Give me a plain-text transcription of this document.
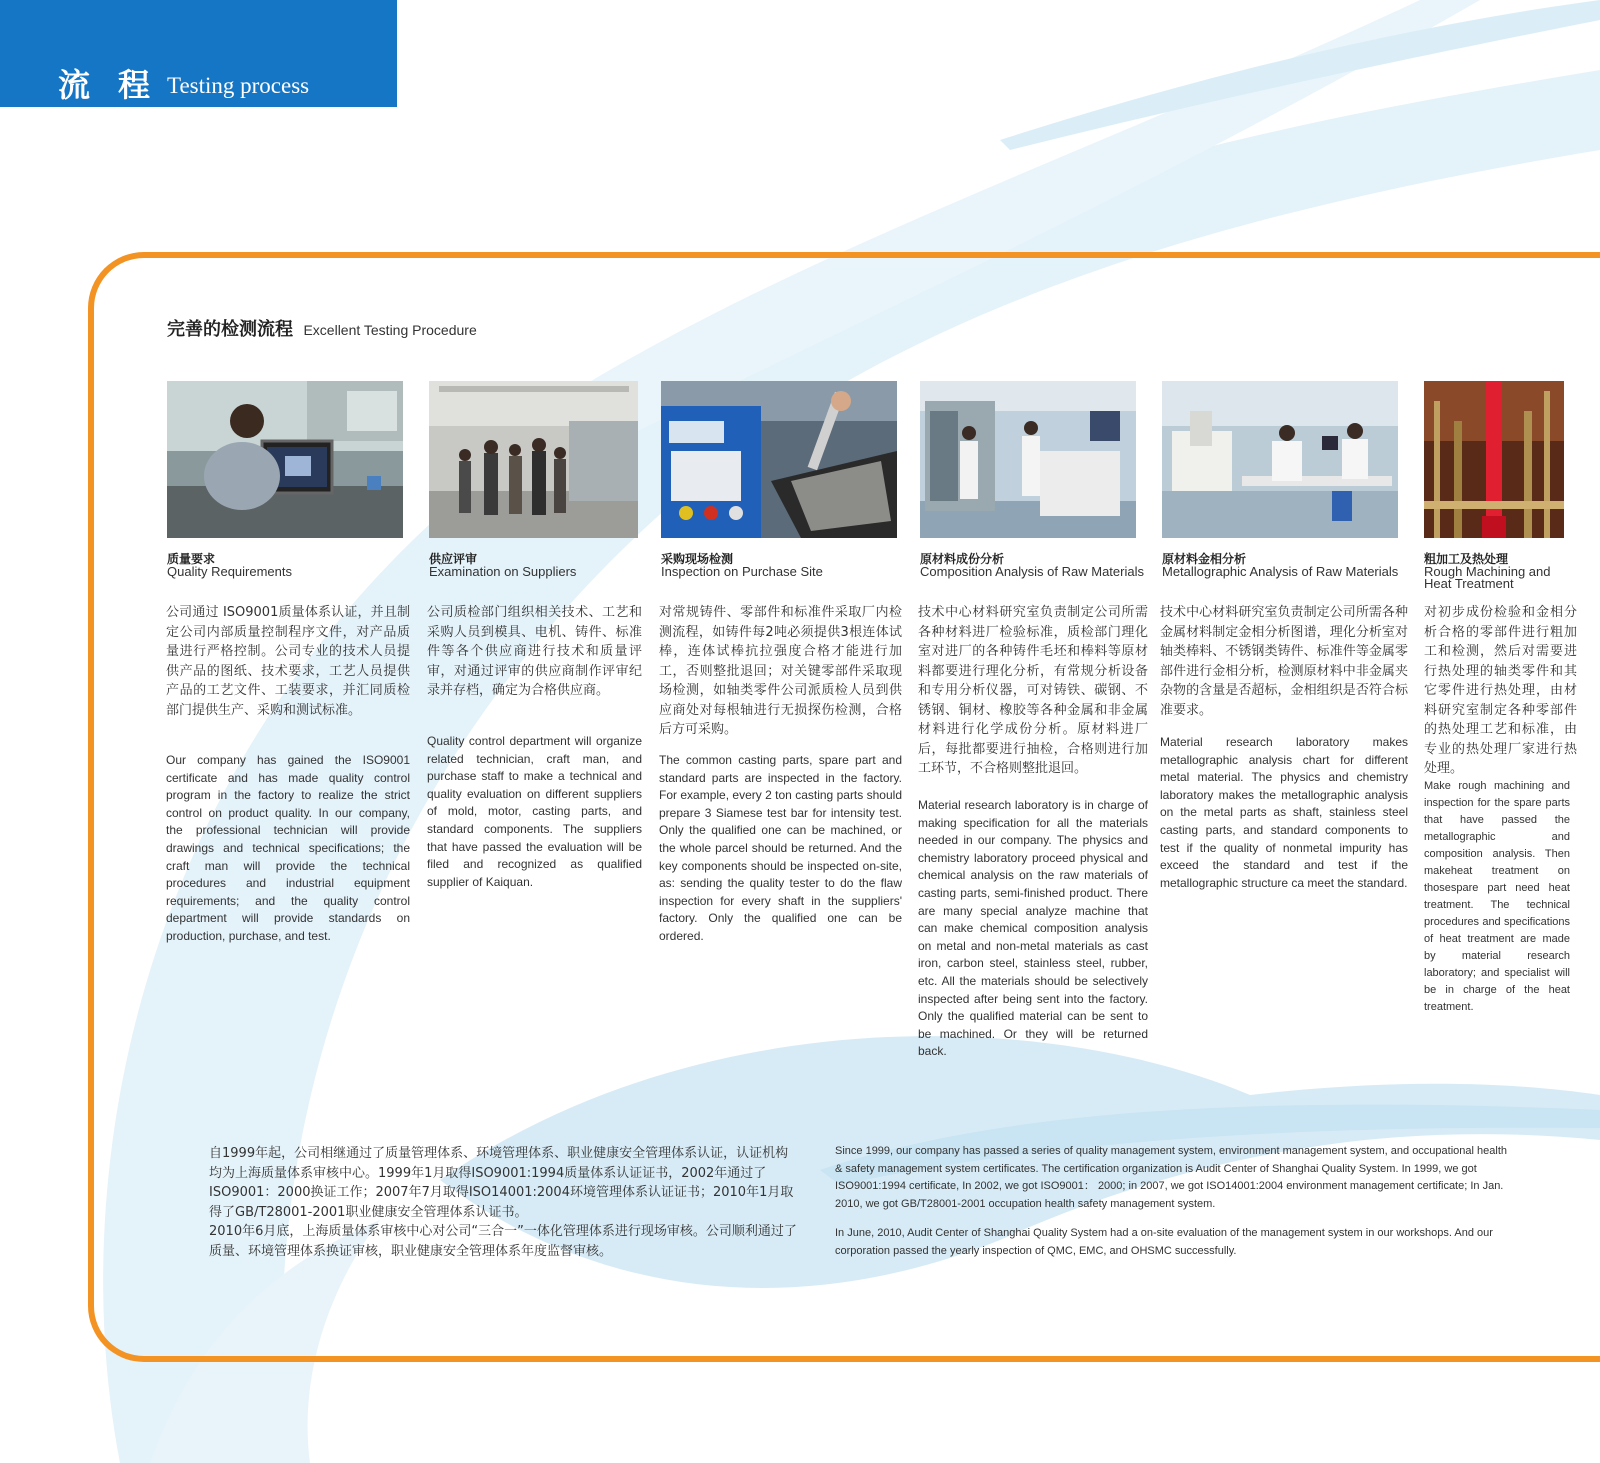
流程
Testing process
完善的检测流程 Excellent Testing Procedure
质量要求
Quality Requirements
公司通过 ISO9001质量体系认证，并且制定公司内部质量控制程序文件，对产品质量进行严格控制。公司专业的技术人员提供产品的图纸、技术要求，工艺人员提供产品的工艺文件、工装要求，并汇同质检部门提供生产、采购和测试标准。
Our company has gained the ISO9001 certificate and has made quality control program in the factory to realize the strict control on product quality. In our company, the professional technician will provide drawings and technical specifications; the craft man will provide the technical procedures and industrial equipment requirements; and the quality control department will provide standards on production, purchase, and test.
供应评审
Examination on Suppliers
公司质检部门组织相关技术、工艺和采购人员到模具、电机、铸件、标准件等各个供应商进行技术和质量评审，对通过评审的供应商制作评审纪录并存档，确定为合格供应商。
Quality control department will organize related technician, craft man, and purchase staff to make a technical and quality evaluation on different suppliers of mold, motor, casting parts, and standard components. The suppliers that have passed the evaluation will be filed and recognized as qualified supplier of Kaiquan.
采购现场检测
Inspection on Purchase Site
对常规铸件、零部件和标准件采取厂内检测流程，如铸件每2吨必须提供3根连体试棒，连体试棒抗拉强度合格才能进行加工，否则整批退回；对关键零部件采取现场检测，如轴类零件公司派质检人员到供应商处对每根轴进行无损探伤检测，合格后方可采购。
The common casting parts, spare part and standard parts are inspected in the factory. For example, every 2 ton casting parts should prepare 3 Siamese test bar for intensity test. Only the qualified one can be machined, or the whole parcel should be returned. And the key components should be inspected on-site, as: sending the quality tester to do the flaw inspection for every shaft in the suppliers' factory. Only the qualified one can be ordered.
原材料成份分析
Composition Analysis of Raw Materials
技术中心材料研究室负责制定公司所需各种材料进厂检验标准，质检部门理化室对进厂的各种铸件毛坯和棒料等原材料都要进行理化分析，有常规分析设备和专用分析仪器，可对铸铁、碳钢、不锈钢、铜材、橡胶等各种金属和非金属材料进行化学成份分析。原材料进厂后，每批都要进行抽检，合格则进行加工环节，不合格则整批退回。
Material research laboratory is in charge of making specification for all the materials needed in our company. The physics and chemistry laboratory proceed physical and chemical analysis on the raw materials of casting parts, semi-finished product. There are many special analyze machine that can make chemical composition analysis on metal and non-metal materials as cast iron, carbon steel, stainless steel, rubber, etc. All the materials should be selectively inspected after being sent into the factory. Only the qualified material can be sent to be machined. Or they will be returned back.
原材料金相分析
Metallographic Analysis of Raw Materials
技术中心材料研究室负责制定公司所需各种金属材料制定金相分析图谱，理化分析室对轴类棒料、不锈钢类铸件、标准件等金属零部件进行金相分析，检测原材料中非金属夹杂物的含量是否超标，金相组织是否符合标准要求。
Material research laboratory makes metallographic analysis chart for different metal material. The physics and chemistry laboratory makes the metallographic analysis on the metal parts as shaft, stainless steel casting parts, and standard components to test if the quality of nonmetal impurity has exceed the standard and test if the metallographic structure ca meet the standard.
粗加工及热处理
Rough Machining and Heat Treatment
对初步成份检验和金相分析合格的零部件进行粗加工和检测，然后对需要进行热处理的轴类零件和其它零件进行热处理，由材料研究室制定各种零部件的热处理工艺和标准，由专业的热处理厂家进行热处理。
Make rough machining and inspection for the spare parts that have passed the metallographic and composition analysis. Then makeheat treatment on thosespare part need heat treatment. The technical procedures and specifications of heat treatment are made by material research laboratory; and specialist will be in charge of the heat treatment.
自1999年起，公司相继通过了质量管理体系、环境管理体系、职业健康安全管理体系认证，认证机构均为上海质量体系审核中心。1999年1月取得ISO9001:1994质量体系认证证书，2002年通过了ISO9001：2000换证工作；2007年7月取得ISO14001:2004环境管理体系认证证书；2010年1月取得了GB/T28001-2001职业健康安全管理体系认证书。
2010年6月底，上海质量体系审核中心对公司“三合一”一体化管理体系进行现场审核。公司顺利通过了质量、环境管理体系换证审核，职业健康安全管理体系年度监督审核。

Since 1999, our company has passed a series of quality management system, environment management system, and occupational health & safety management system certificates. The certification organization is Audit Center of Shanghai Quality System. In 1999, we got ISO9001:1994 certificate, In 2002, we got ISO9001： 2000; in 2007, we got ISO14001:2004 environment management certificate; In Jan. 2010, we got GB/T28001-2001 occupation health safety management system.

In June, 2010, Audit Center of Shanghai Quality System had a on-site evaluation of the management system in our workshops. And our corporation passed the yearly inspection of QMC, EMC, and OHSMC successfully.
